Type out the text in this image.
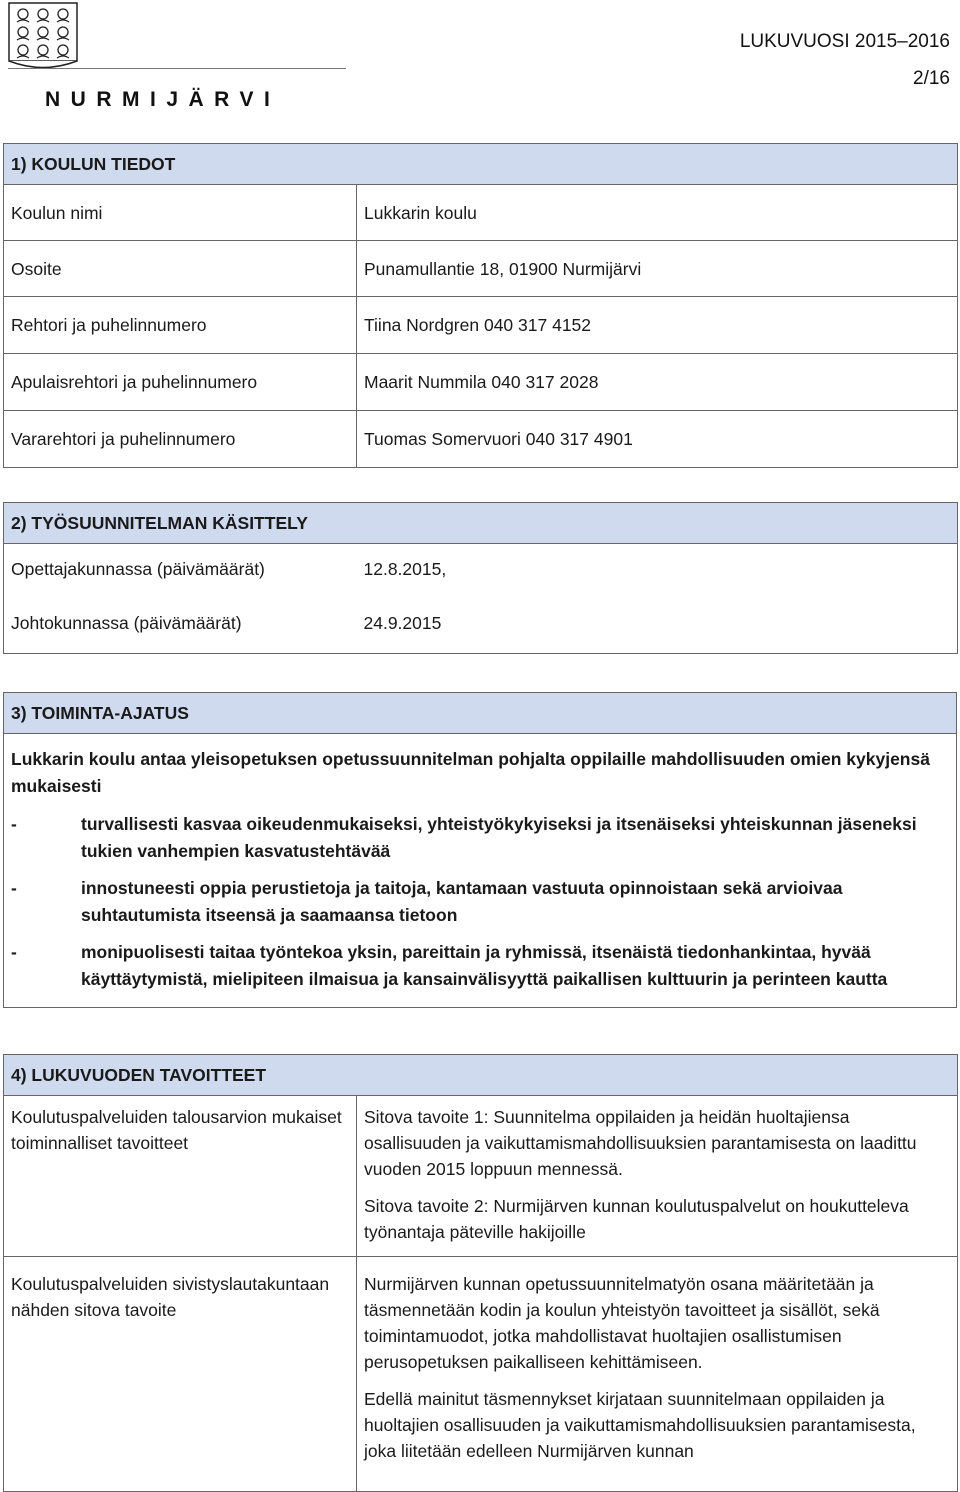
NURMIJÄRVI
LUKUVUOSI 2015–2016
2/16
1) KOULUN TIEDOT	
Koulun nimi	Lukkarin koulu
Osoite	Punamullantie 18, 01900 Nurmijärvi
Rehtori ja puhelinnumero	Tiina Nordgren 040 317 4152
Apulaisrehtori ja puhelinnumero	Maarit Nummila 040 317 2028
Vararehtori ja puhelinnumero	Tuomas Somervuori 040 317 4901
2) TYÖSUUNNITELMAN KÄSITTELY	
Opettajakunnassa (päivämäärät)	12.8.2015,
Johtokunnassa (päivämäärät)	24.9.2015
3) TOIMINTA-AJATUS

Lukkarin koulu antaa yleisopetuksen opetussuunnitelman pohjalta oppilaille mahdollisuuden omien kykyjensä mukaisesti
-	turvallisesti kasvaa oikeudenmukaiseksi, yhteistyökykyiseksi ja itsenäiseksi yhteiskunnan jäseneksi tukien vanhempien kasvatustehtävää
-	innostuneesti oppia perustietoja ja taitoja, kantamaan vastuuta opinnoistaan sekä arvioivaa suhtautumista itseensä ja saamaansa tietoon
-	monipuolisesti taitaa työntekoa yksin, pareittain ja ryhmissä, itsenäistä tiedonhankintaa, hyvää käyttäytymistä, mielipiteen ilmaisua ja kansainvälisyyttä paikallisen kulttuurin ja perinteen kautta
4) LUKUVUODEN TAVOITTEET	
Koulutuspalveluiden talousarvion mukaiset toiminnalliset tavoitteet	Sitova tavoite 1: Suunnitelma oppilaiden ja heidän huoltajiensa osallisuuden ja vaikuttamismahdollisuuksien parantamisesta on laadittu vuoden 2015 loppuun mennessä.
Sitova tavoite 2: Nurmijärven kunnan koulutuspalvelut on houkutteleva työnantaja päteville hakijoille

Koulutuspalveluiden sivistyslautakuntaan nähden sitova tavoite	Nurmijärven kunnan opetussuunnitelmatyön osana määritetään ja täsmennetään kodin ja koulun yhteistyön tavoitteet ja sisällöt, sekä toimintamuodot, jotka mahdollistavat huoltajien osallistumisen perusopetuksen paikalliseen kehittämiseen.
Edellä mainitut täsmennykset kirjataan suunnitelmaan oppilaiden ja huoltajien osallisuuden ja vaikuttamismahdollisuuksien parantamisesta, joka liitetään edelleen Nurmijärven kunnan
